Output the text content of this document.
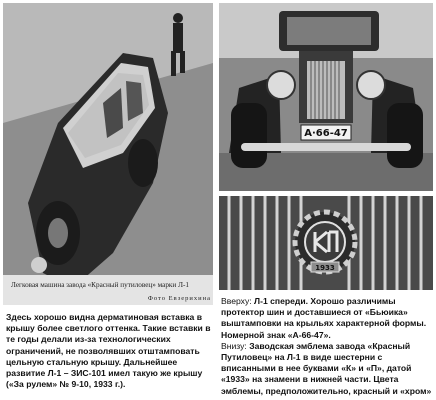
Легковая машина завода «Красный путиловец» марки Л-1
Фото Евзерихина
А·66-47
1933
Здесь хорошо видна дерматиновая вставка в крышу более светлого оттенка. Такие вставки в те годы делали из-за технологических ограничений, не позволявших отштамповать цельную стальную крышу. Дальнейшее развитие Л-1 – ЗИС-101 имел такую же крышу («За рулем» № 9-10, 1933 г.).
Вверху: Л-1 спереди. Хорошо различимы протектор шин и доставшиеся от «Бьюика» выштамповки на крыльях характерной формы. Номерной знак «А-66-47».
Внизу: Заводская эмблема завода «Красный Путиловец» на Л-1 в виде шестерни с вписанными в нее буквами «К» и «П», датой «1933» на знамени в нижней части. Цвета эмблемы, предположительно, красный и «хром»
